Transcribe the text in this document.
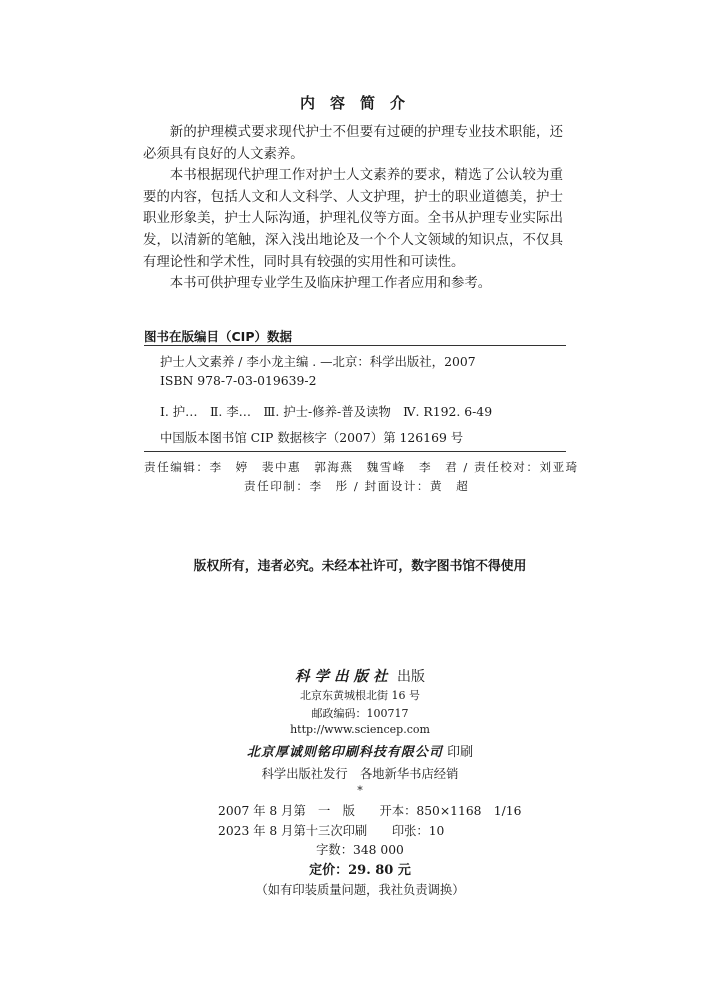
内容简介

新的护理模式要求现代护士不但要有过硬的护理专业技术职能，还必须具有良好的人文素养。

本书根据现代护理工作对护士人文素养的要求，精选了公认较为重要的内容，包括人文和人文科学、人文护理，护士的职业道德美，护士职业形象美，护士人际沟通，护理礼仪等方面。全书从护理专业实际出发，以清新的笔触，深入浅出地论及一个个人文领域的知识点，不仅具有理论性和学术性，同时具有较强的实用性和可读性。

本书可供护理专业学生及临床护理工作者应用和参考。

图书在版编目（CIP）数据
护士人文素养 / 李小龙主编 . —北京：科学出版社，2007
ISBN 978-7-03-019639-2
Ⅰ. 护…　Ⅱ. 李…　Ⅲ. 护士-修养-普及读物　Ⅳ. R192. 6-49
中国版本图书馆 CIP 数据核字（2007）第 126169 号
责任编辑：李　婷　裴中惠　郭海燕　魏雪峰　李　君 / 责任校对：刘亚琦
责任印制：李　彤 / 封面设计：黄　超
版权所有，违者必究。未经本社许可，数字图书馆不得使用
科学出版社 出版
北京东黄城根北街 16 号
邮政编码：100717
http://www.sciencep.com
北京厚诚则铭印刷科技有限公司 印刷
科学出版社发行　各地新华书店经销
*
2007 年 8 月第　一　版　　开本：850×1168　1/16
2023 年 8 月第十三次印刷　　印张：10
字数：348 000
定价：29. 80 元
（如有印装质量问题，我社负责调换）
